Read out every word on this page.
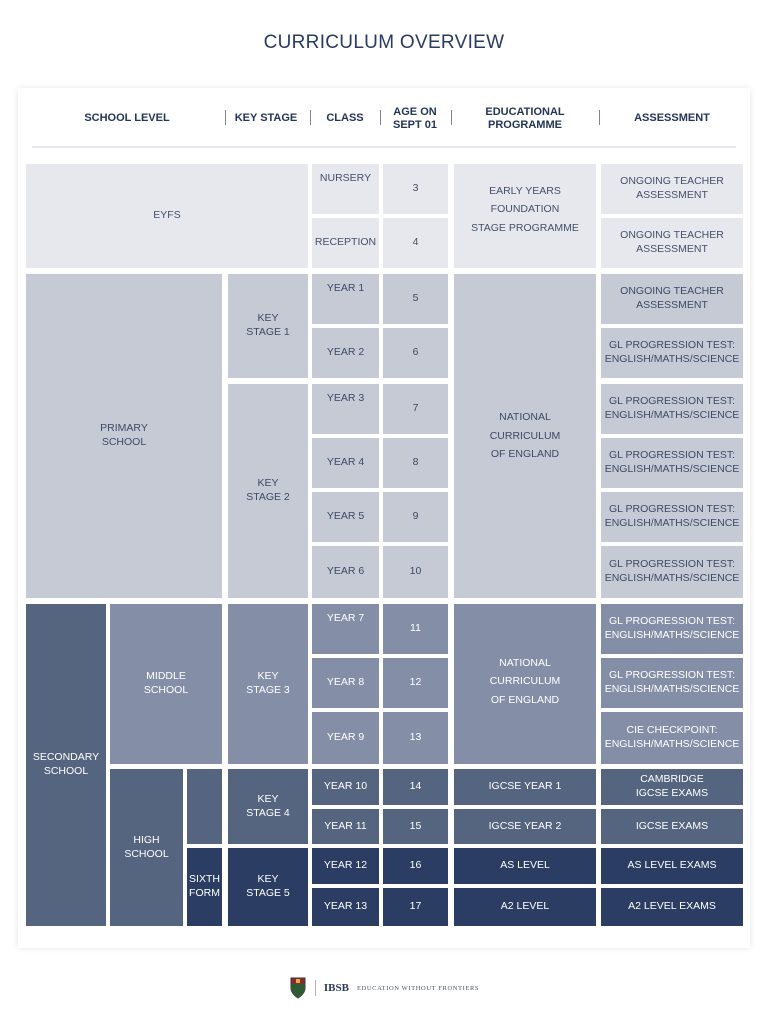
CURRICULUM OVERVIEW
SCHOOL LEVEL	KEY STAGE	CLASS
AGE ON
SEPT 01
EDUCATIONAL
PROGRAMME
ASSESSMENT
EYFS
PRIMARY
SCHOOL
SECONDARY
SCHOOL
MIDDLE
SCHOOL
HIGH
SCHOOL
SIXTH
FORM
KEY
STAGE 1
KEY
STAGE 2
KEY
STAGE 3
KEY
STAGE 4
KEY
STAGE 5
NURSERY
RECEPTION
YEAR 1
YEAR 2
YEAR 3
YEAR 4
YEAR 5
YEAR 6
YEAR 7
YEAR 8
YEAR 9
YEAR 10
YEAR 11
YEAR 12
YEAR 13
3
4
5
6
7
8
9
10
11
12
13
14
15
16
17
EARLY YEARS
FOUNDATION
STAGE PROGRAMME
NATIONAL
CURRICULUM
OF ENGLAND
NATIONAL
CURRICULUM
OF ENGLAND
IGCSE YEAR 1
IGCSE YEAR 2
AS LEVEL
A2 LEVEL
ONGOING TEACHER
ASSESSMENT
ONGOING TEACHER
ASSESSMENT
ONGOING TEACHER
ASSESSMENT
GL PROGRESSION TEST:
ENGLISH/MATHS/SCIENCE
GL PROGRESSION TEST:
ENGLISH/MATHS/SCIENCE
GL PROGRESSION TEST:
ENGLISH/MATHS/SCIENCE
GL PROGRESSION TEST:
ENGLISH/MATHS/SCIENCE
GL PROGRESSION TEST:
ENGLISH/MATHS/SCIENCE
GL PROGRESSION TEST:
ENGLISH/MATHS/SCIENCE
GL PROGRESSION TEST:
ENGLISH/MATHS/SCIENCE
CIE CHECKPOINT:
ENGLISH/MATHS/SCIENCE
CAMBRIDGE
IGCSE EXAMS
IGCSE EXAMS
AS LEVEL EXAMS
A2 LEVEL EXAMS
IBSB EDUCATION WITHOUT FRONTIERS
